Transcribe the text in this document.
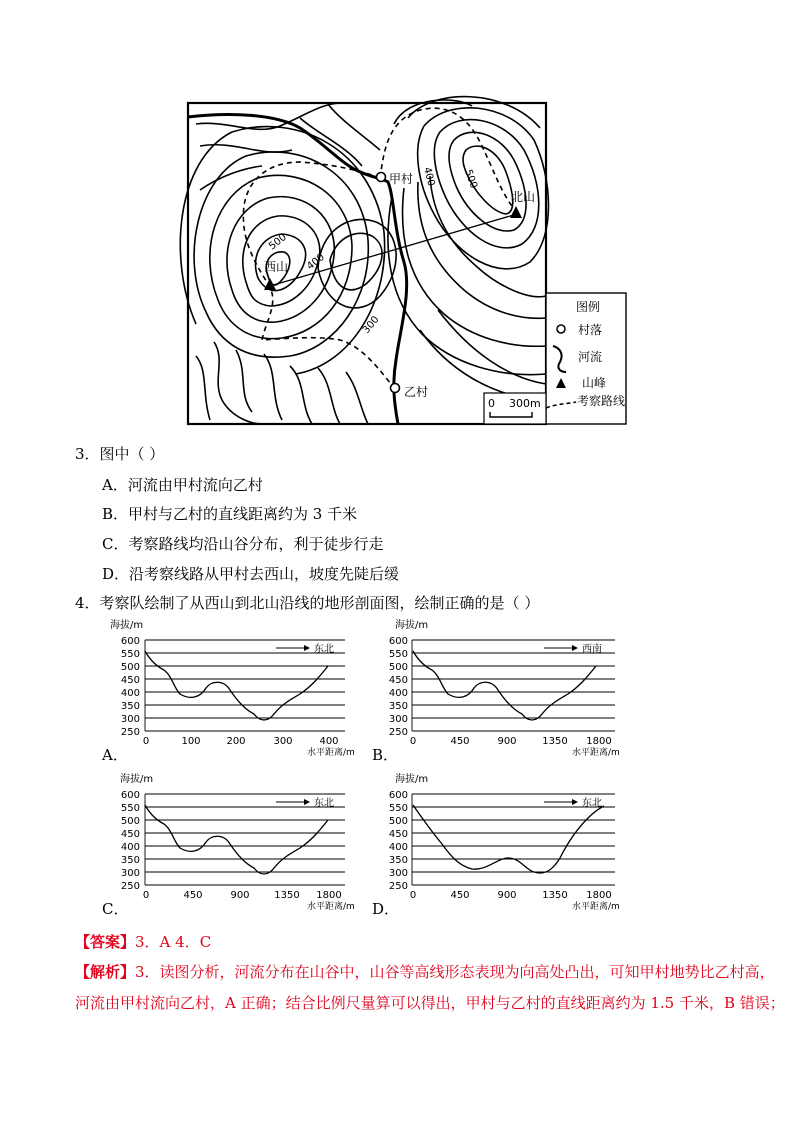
甲村
乙村
西山
北山
500
400
400	500
300
图例
村落
河流
山峰
考察路线
0 300m
3．图中（ ）
A．河流由甲村流向乙村
B．甲村与乙村的直线距离约为 3 千米
C．考察路线均沿山谷分布，利于徒步行走
D．沿考察线路从甲村去西山，坡度先陡后缓
4．考察队绘制了从西山到北山沿线的地形剖面图，绘制正确的是（ ）
海拔/m
600
550
500
450
400
350
300
250
0	100	200	300	400
水平距离/m
东北
A．
海拔/m
600
550
500
450
400
350
300
250
0	450	900	1350 1800
水平距离/m
西南
B．
海拔/m
600
550
500
450
400
350
300
250
0	450	900 1350 1800
水平距离/m
东北
C．
海拔/m
600
550
500
450
400
350
300
250
0	450	900	1350 1800
水平距离/m
东北
D．
【答案】3．A 4．C
【解析】3．读图分析，河流分布在山谷中，山谷等高线形态表现为向高处凸出，可知甲村地势比乙村高，
河流由甲村流向乙村，A 正确；结合比例尺量算可以得出，甲村与乙村的直线距离约为 1.5 千米，B 错误；
